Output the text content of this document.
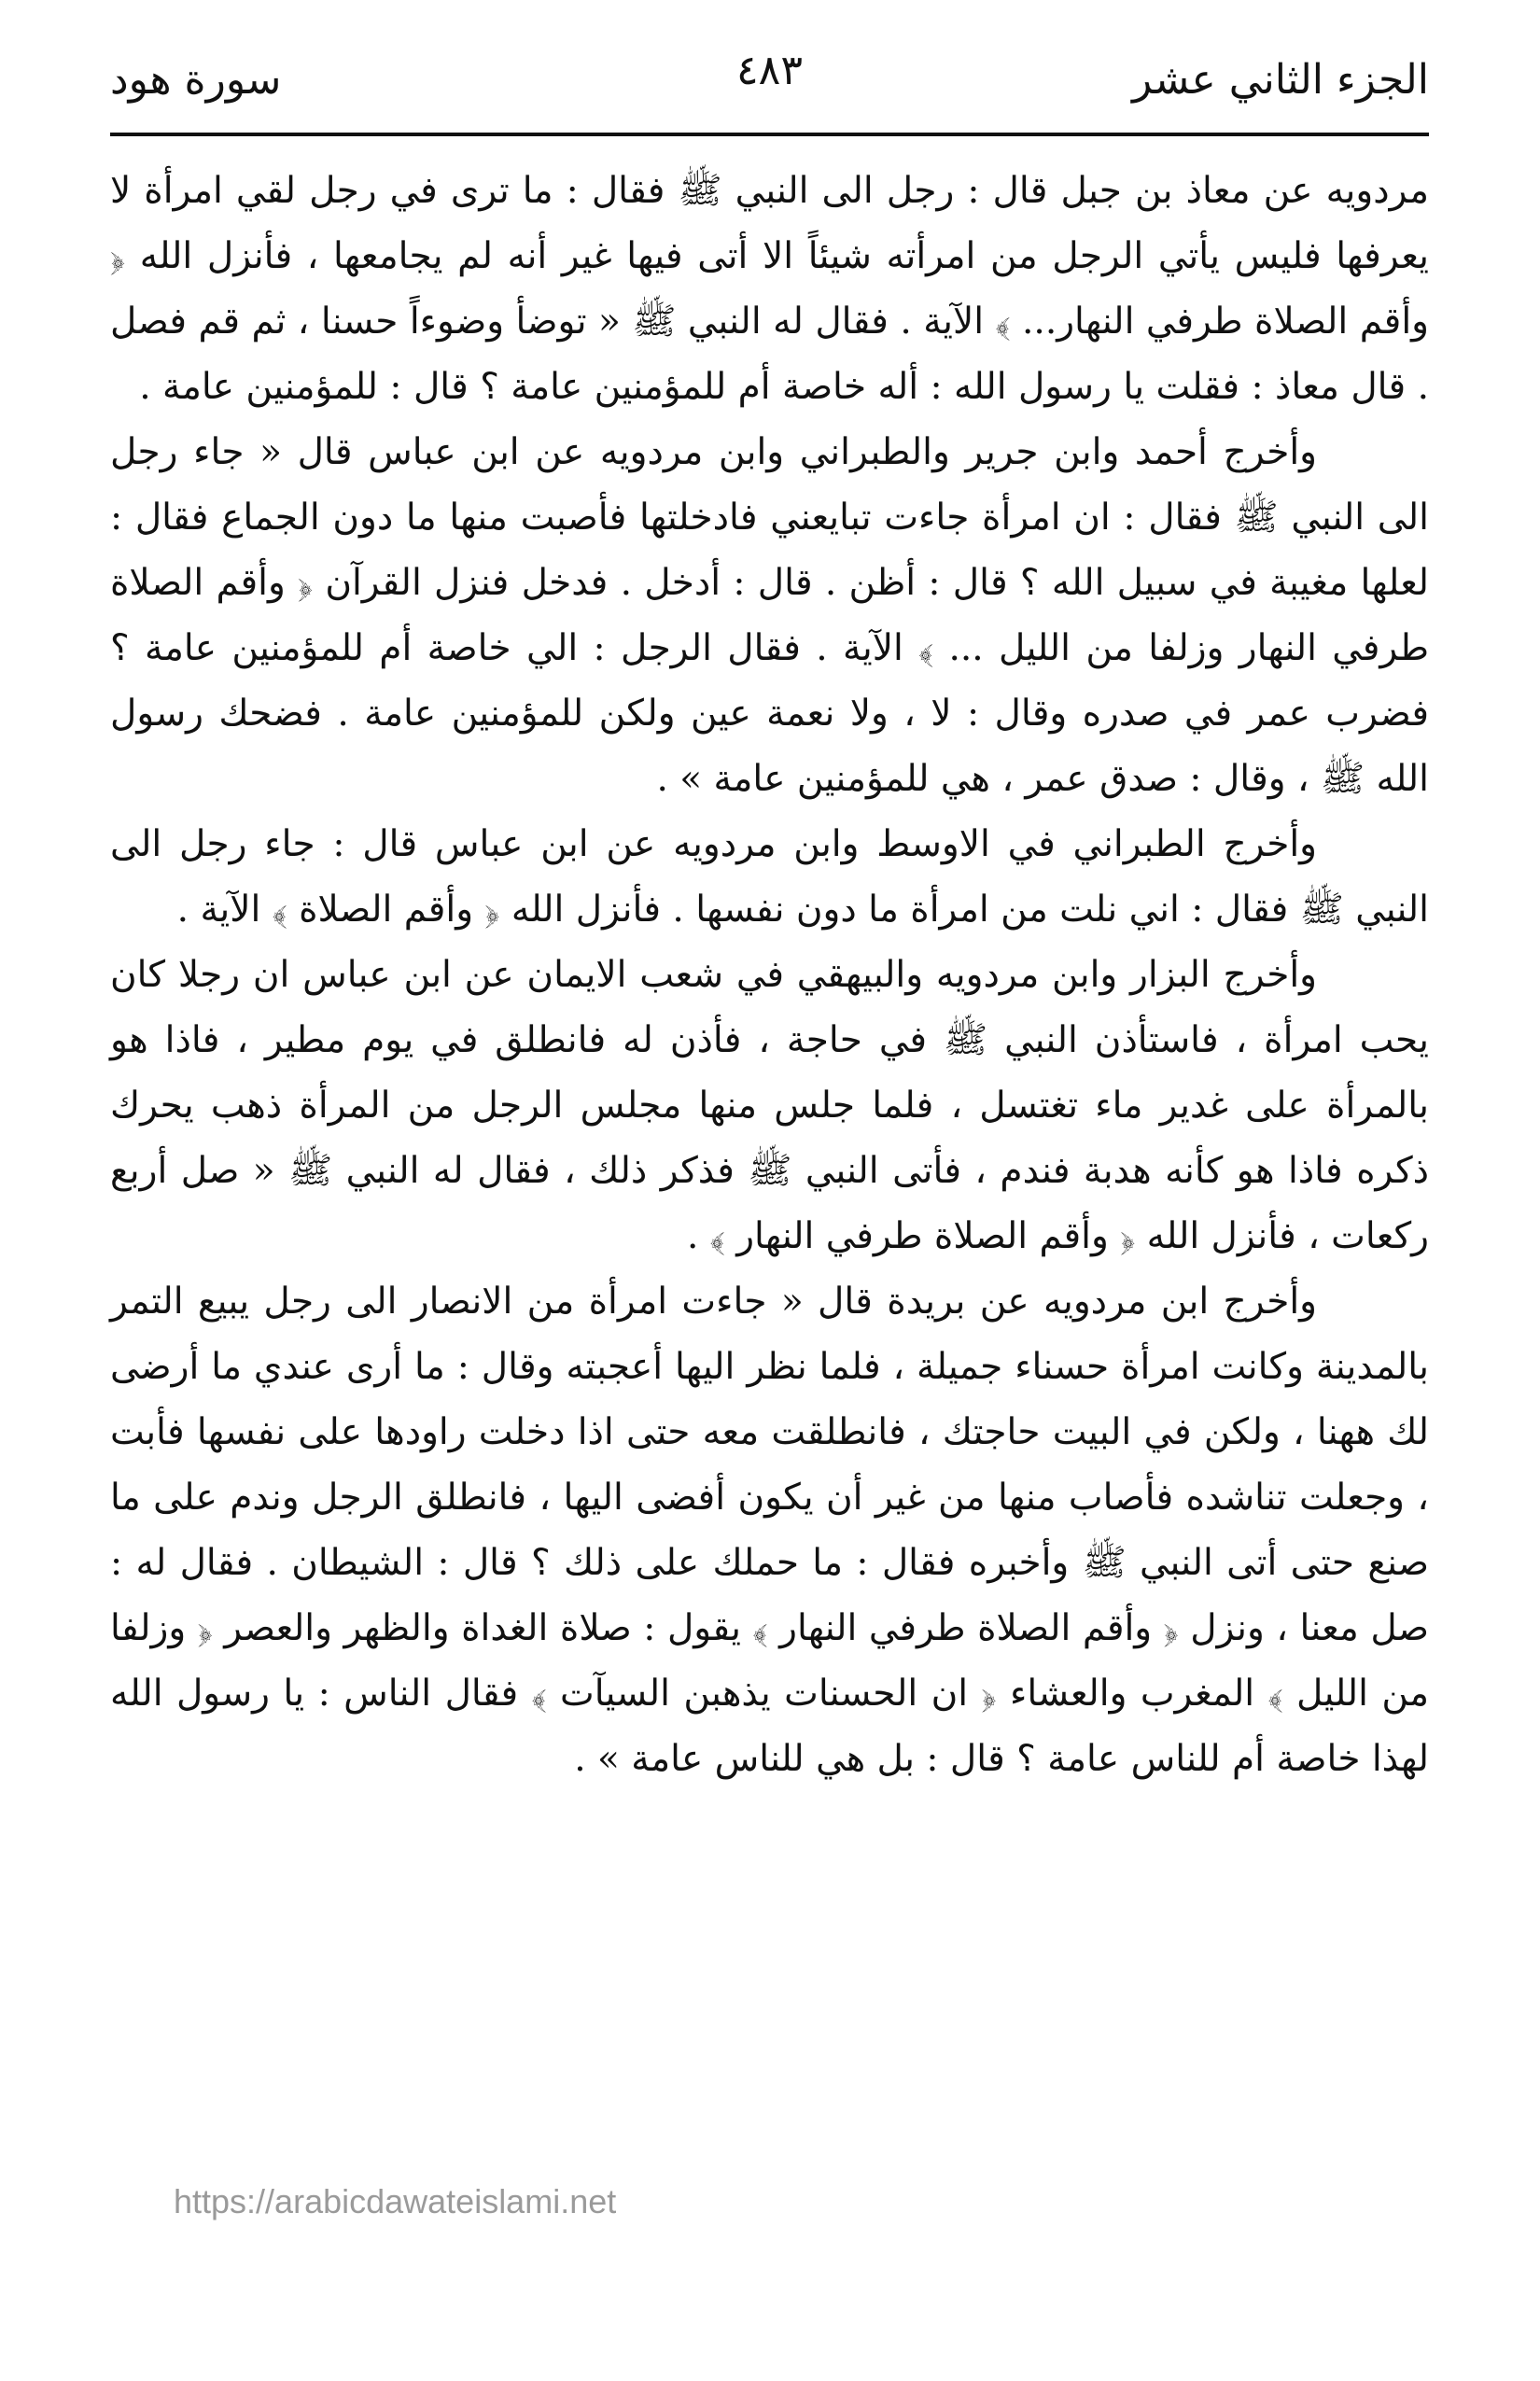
الجزء الثاني عشر
٤٨٣
سورة هود

مردويه عن معاذ بن جبل قال : رجل الى النبي ﷺ فقال : ما ترى في رجل لقي امرأة لا يعرفها فليس يأتي الرجل من امرأته شيئاً الا أتى فيها غير أنه لم يجامعها ، فأنزل الله ﴿ وأقم الصلاة طرفي النهار... ﴾ الآية . فقال له النبي ﷺ « توضأ وضوءاً حسنا ، ثم قم فصل . قال معاذ : فقلت يا رسول الله : أله خاصة أم للمؤمنين عامة ؟ قال : للمؤمنين عامة .

وأخرج أحمد وابن جرير والطبراني وابن مردويه عن ابن عباس قال « جاء رجل الى النبي ﷺ فقال : ان امرأة جاءت تبايعني فادخلتها فأصبت منها ما دون الجماع فقال : لعلها مغيبة في سبيل الله ؟ قال : أظن . قال : أدخل . فدخل فنزل القرآن ﴿ وأقم الصلاة طرفي النهار وزلفا من الليل ... ﴾ الآية . فقال الرجل : الي خاصة أم للمؤمنين عامة ؟ فضرب عمر في صدره وقال : لا ، ولا نعمة عين ولكن للمؤمنين عامة . فضحك رسول الله ﷺ ، وقال : صدق عمر ، هي للمؤمنين عامة » .

وأخرج الطبراني في الاوسط وابن مردويه عن ابن عباس قال : جاء رجل الى النبي ﷺ فقال : اني نلت من امرأة ما دون نفسها . فأنزل الله ﴿ وأقم الصلاة ﴾ الآية .

وأخرج البزار وابن مردويه والبيهقي في شعب الايمان عن ابن عباس ان رجلا كان يحب امرأة ، فاستأذن النبي ﷺ في حاجة ، فأذن له فانطلق في يوم مطير ، فاذا هو بالمرأة على غدير ماء تغتسل ، فلما جلس منها مجلس الرجل من المرأة ذهب يحرك ذكره فاذا هو كأنه هدبة فندم ، فأتى النبي ﷺ فذكر ذلك ، فقال له النبي ﷺ « صل أربع ركعات ، فأنزل الله ﴿ وأقم الصلاة طرفي النهار ﴾ .

وأخرج ابن مردويه عن بريدة قال « جاءت امرأة من الانصار الى رجل يبيع التمر بالمدينة وكانت امرأة حسناء جميلة ، فلما نظر اليها أعجبته وقال : ما أرى عندي ما أرضى لك ههنا ، ولكن في البيت حاجتك ، فانطلقت معه حتى اذا دخلت راودها على نفسها فأبت ، وجعلت تناشده فأصاب منها من غير أن يكون أفضى اليها ، فانطلق الرجل وندم على ما صنع حتى أتى النبي ﷺ وأخبره فقال : ما حملك على ذلك ؟ قال : الشيطان . فقال له : صل معنا ، ونزل ﴿ وأقم الصلاة طرفي النهار ﴾ يقول : صلاة الغداة والظهر والعصر ﴿ وزلفا من الليل ﴾ المغرب والعشاء ﴿ ان الحسنات يذهبن السيآت ﴾ فقال الناس : يا رسول الله لهذا خاصة أم للناس عامة ؟ قال : بل هي للناس عامة » .

https://arabicdawateislami.net
